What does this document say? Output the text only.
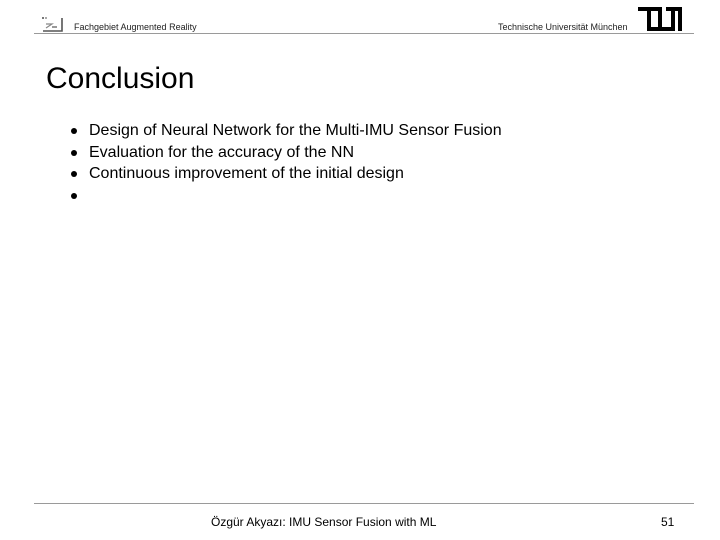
Fachgebiet Augmented Reality	Technische Universität München
Conclusion
Design of Neural Network for the Multi-IMU Sensor Fusion
Evaluation for the accuracy of the NN
Continuous improvement of the initial design
Özgür Akyazı: IMU Sensor Fusion with ML	51
